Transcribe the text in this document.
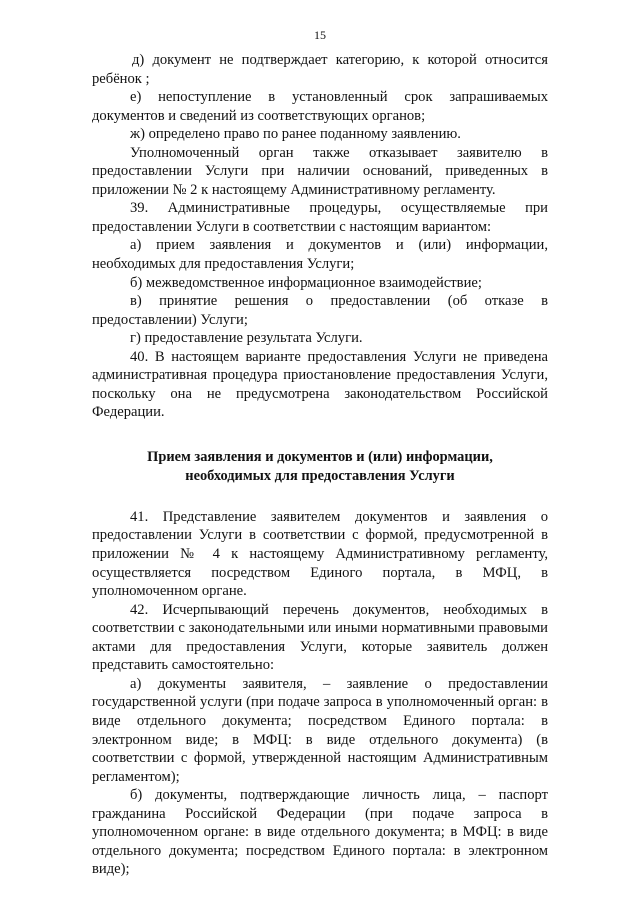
15

д) документ не подтверждает категорию, к которой относится ребёнок ;

е) непоступление в установленный срок запрашиваемых документов и сведений из соответствующих органов;

ж) определено право по ранее поданному заявлению.

Уполномоченный орган также отказывает заявителю в предоставлении Услуги при наличии оснований, приведенных в приложении № 2 к настоящему Административному регламенту.

39. Административные процедуры, осуществляемые при предоставлении Услуги в соответствии с настоящим вариантом:

а) прием заявления и документов и (или) информации, необходимых для предоставления Услуги;

б) межведомственное информационное взаимодействие;

в) принятие решения о предоставлении (об отказе в предоставлении) Услуги;

г) предоставление результата Услуги.

40. В настоящем варианте предоставления Услуги не приведена административная процедура приостановление предоставления Услуги, поскольку она не предусмотрена законодательством Российской Федерации.

Прием заявления и документов и (или) информации,
необходимых для предоставления Услуги

41. Представление заявителем документов и заявления о предоставлении Услуги в соответствии с формой, предусмотренной в приложении № 4 к настоящему Административному регламенту, осуществляется посредством Единого портала, в МФЦ, в уполномоченном органе.

42. Исчерпывающий перечень документов, необходимых в соответствии с законодательными или иными нормативными правовыми актами для предоставления Услуги, которые заявитель должен представить самостоятельно:

а) документы заявителя, – заявление о предоставлении государственной услуги (при подаче запроса в уполномоченный орган: в виде отдельного документа; посредством Единого портала: в электронном виде; в МФЦ: в виде отдельного документа) (в соответствии с формой, утвержденной настоящим Административным регламентом);

б) документы, подтверждающие личность лица, – паспорт гражданина Российской Федерации (при подаче запроса в уполномоченном органе: в виде отдельного документа; в МФЦ: в виде отдельного документа; посредством Единого портала: в электронном виде);
